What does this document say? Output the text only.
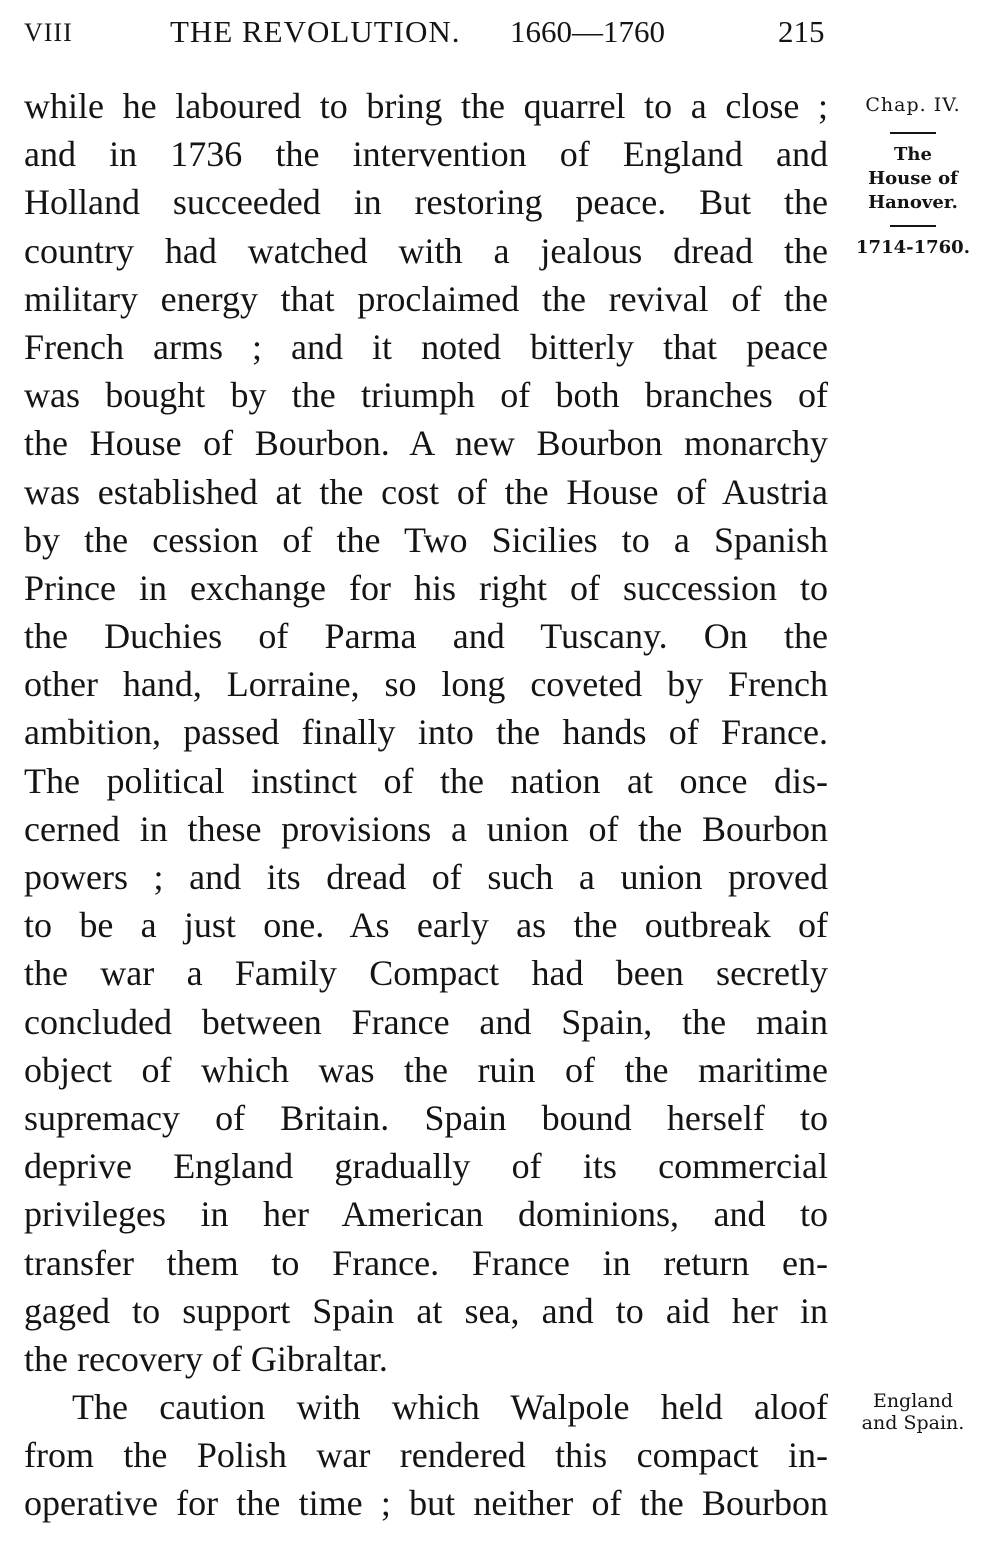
VIII	THE REVOLUTION. 1660—1760	215
while he laboured to bring the quarrel to a close ;
and in 1736 the intervention of England and
Holland succeeded in restoring peace. But the
country had watched with a jealous dread the
military energy that proclaimed the revival of the
French arms ; and it noted bitterly that peace
was bought by the triumph of both branches of
the House of Bourbon. A new Bourbon monarchy
was established at the cost of the House of Austria
by the cession of the Two Sicilies to a Spanish
Prince in exchange for his right of succession to
the Duchies of Parma and Tuscany. On the
other hand, Lorraine, so long coveted by French
ambition, passed finally into the hands of France.
The political instinct of the nation at once dis-
cerned in these provisions a union of the Bourbon
powers ; and its dread of such a union proved
to be a just one. As early as the outbreak of
the war a Family Compact had been secretly
concluded between France and Spain, the main
object of which was the ruin of the maritime
supremacy of Britain. Spain bound herself to
deprive England gradually of its commercial
privileges in her American dominions, and to
transfer them to France. France in return en-
gaged to support Spain at sea, and to aid her in
the recovery of Gibraltar.
The caution with which Walpole held aloof
from the Polish war rendered this compact in-
operative for the time ; but neither of the Bourbon
Chap. IV.
The
House of
Hanover.
1714-1760.
England
and Spain.
